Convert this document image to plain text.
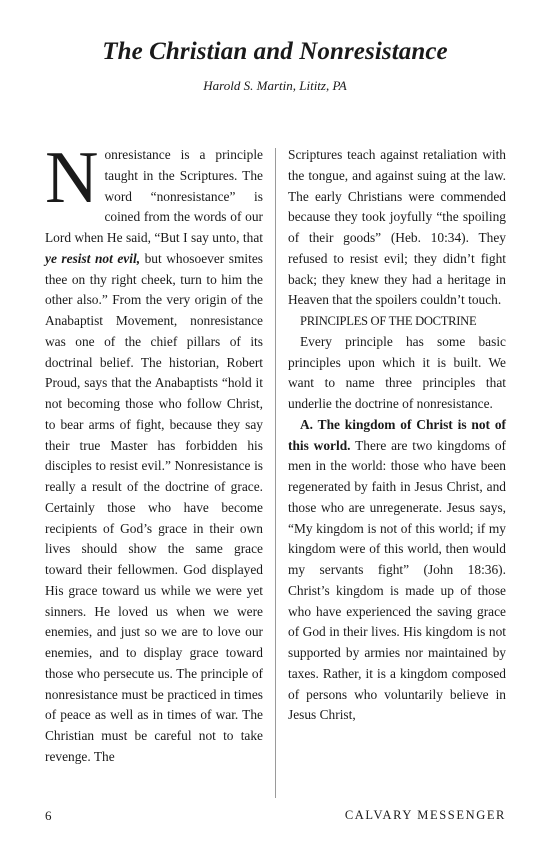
The Christian and Nonresistance
Harold S. Martin, Lititz, PA

Nonresistance is a principle taught in the Scriptures. The word “nonresistance” is coined from the words of our Lord when He said, “But I say unto, that ye resist not evil, but whosoever smites thee on thy right cheek, turn to him the other also.” From the very origin of the Anabaptist Movement, nonresistance was one of the chief pillars of its doctrinal belief. The historian, Robert Proud, says that the Anabaptists “hold it not becoming those who follow Christ, to bear arms of fight, because they say their true Master has forbidden his disciples to resist evil.” Nonresistance is really a result of the doctrine of grace. Certainly those who have become recipients of God’s grace in their own lives should show the same grace toward their fellowmen. God displayed His grace toward us while we were yet sinners. He loved us when we were enemies, and just so we are to love our enemies, and to display grace toward those who persecute us. The principle of nonresistance must be practiced in times of peace as well as in times of war. The Christian must be careful not to take revenge. The

Scriptures teach against retaliation with the tongue, and against suing at the law. The early Christians were commended because they took joyfully “the spoiling of their goods” (Heb. 10:34). They refused to resist evil; they didn’t fight back; they knew they had a heritage in Heaven that the spoilers couldn’t touch.

PRINCIPLES OF THE DOCTRINE

Every principle has some basic principles upon which it is built. We want to name three principles that underlie the doctrine of nonresistance.

A. The kingdom of Christ is not of this world. There are two kingdoms of men in the world: those who have been regenerated by faith in Jesus Christ, and those who are unregenerate. Jesus says, “My kingdom is not of this world; if my kingdom were of this world, then would my servants fight” (John 18:36). Christ’s kingdom is made up of those who have experienced the saving grace of God in their lives. His kingdom is not supported by armies nor maintained by taxes. Rather, it is a kingdom composed of persons who voluntarily believe in Jesus Christ,

6	CALVARY MESSENGER
